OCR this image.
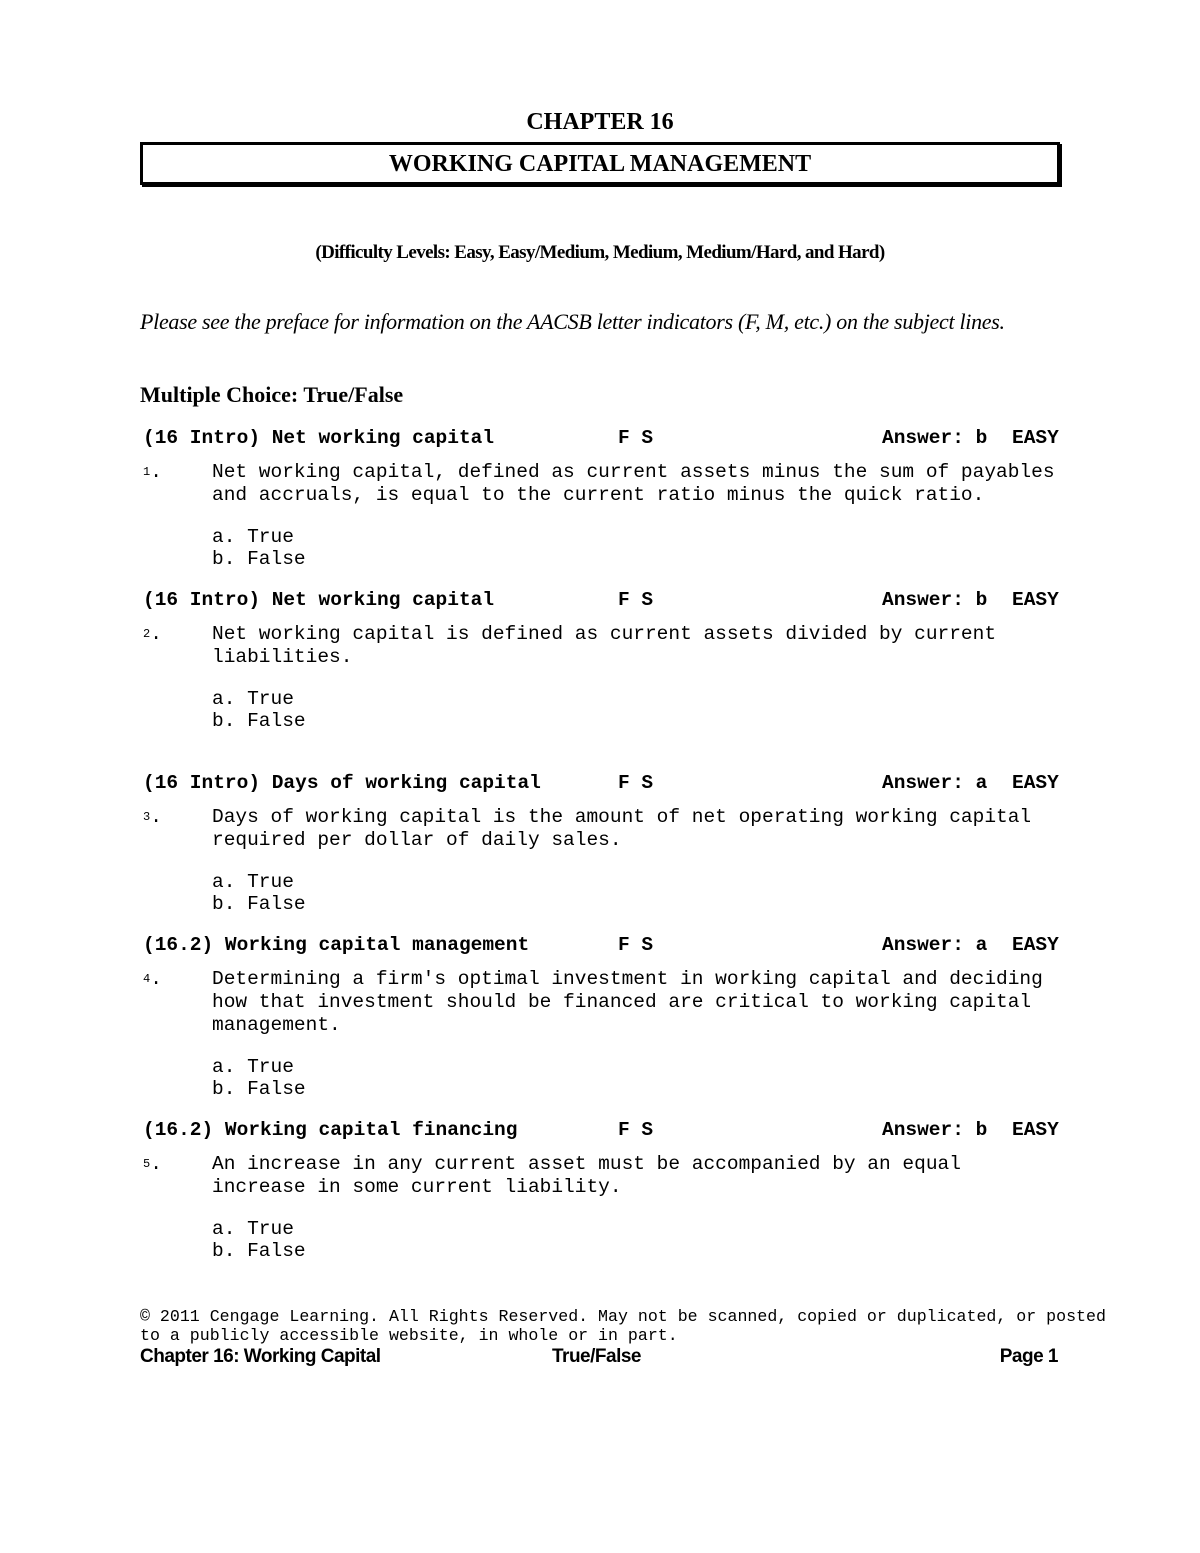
CHAPTER 16
WORKING CAPITAL MANAGEMENT
(Difficulty Levels: Easy, Easy/Medium, Medium, Medium/Hard, and Hard)
Please see the preface for information on the AACSB letter indicators (F, M, etc.) on the subject lines.
Multiple Choice: True/False
(16 Intro) Net working capital	F S	Answer: b EASY
$^1$.	Net working capital, defined as current assets minus the sum of payables
and accruals, is equal to the current ratio minus the quick ratio.
a. True
b. False
(16 Intro) Net working capital	F S	Answer: b EASY
$^2$.	Net working capital is defined as current assets divided by current
liabilities.
a. True
b. False
(16 Intro) Days of working capital	F S	Answer: a EASY
$^3$.	Days of working capital is the amount of net operating working capital
required per dollar of daily sales.
a. True
b. False
(16.2) Working capital management	F S	Answer: a EASY
$^4$.	Determining a firm's optimal investment in working capital and deciding
how that investment should be financed are critical to working capital
management.
a. True
b. False
(16.2) Working capital financing	F S	Answer: b EASY
$^5$.	An increase in any current asset must be accompanied by an equal
increase in some current liability.
a. True
b. False
© 2011 Cengage Learning. All Rights Reserved. May not be scanned, copied or duplicated, or posted
to a publicly accessible website, in whole or in part.
Chapter 16: Working Capital	True/False	Page 1
